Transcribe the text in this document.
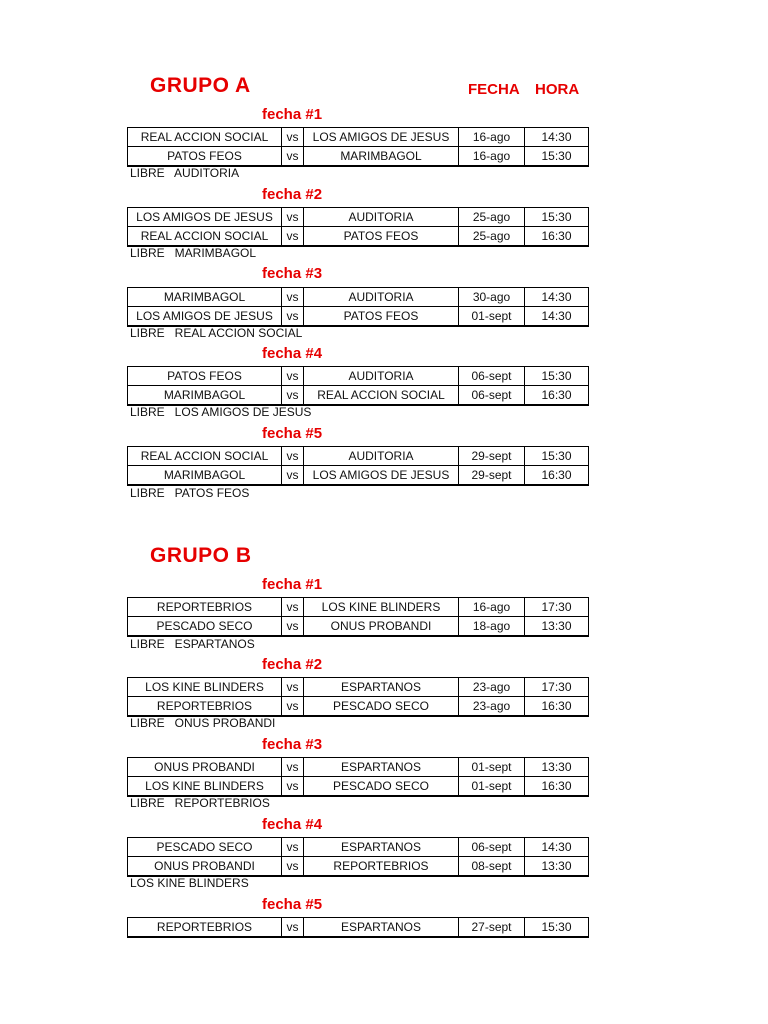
GRUPO A	FECHA HORA
fecha #1
REAL ACCION SOCIAL	vs	LOS AMIGOS DE JESUS	16-ago	14:30
PATOS FEOS	vs	MARIMBAGOL	16-ago	15:30
LIBRE   AUDITORIA
fecha #2
LOS AMIGOS DE JESUS	vs	AUDITORIA	25-ago	15:30
REAL ACCION SOCIAL	vs	PATOS FEOS	25-ago	16:30
LIBRE   MARIMBAGOL
fecha #3
MARIMBAGOL	vs	AUDITORIA	30-ago	14:30
LOS AMIGOS DE JESUS	vs	PATOS FEOS	01-sept	14:30
LIBRE   REAL ACCION SOCIAL
fecha #4
PATOS FEOS	vs	AUDITORIA	06-sept	15:30
MARIMBAGOL	vs	REAL ACCION SOCIAL	06-sept	16:30
LIBRE   LOS AMIGOS DE JESUS
fecha #5
REAL ACCION SOCIAL	vs	AUDITORIA	29-sept	15:30
MARIMBAGOL	vs	LOS AMIGOS DE JESUS	29-sept	16:30
LIBRE   PATOS FEOS
GRUPO B
fecha #1
REPORTEBRIOS	vs	LOS KINE BLINDERS	16-ago	17:30
PESCADO SECO	vs	ONUS PROBANDI	18-ago	13:30
LIBRE   ESPARTANOS
fecha #2
LOS KINE BLINDERS	vs	ESPARTANOS	23-ago	17:30
REPORTEBRIOS	vs	PESCADO SECO	23-ago	16:30
LIBRE   ONUS PROBANDI
fecha #3
ONUS PROBANDI	vs	ESPARTANOS	01-sept	13:30
LOS KINE BLINDERS	vs	PESCADO SECO	01-sept	16:30
LIBRE   REPORTEBRIOS
fecha #4
PESCADO SECO	vs	ESPARTANOS	06-sept	14:30
ONUS PROBANDI	vs	REPORTEBRIOS	08-sept	13:30
LOS KINE BLINDERS
fecha #5
REPORTEBRIOS	vs	ESPARTANOS	27-sept	15:30
